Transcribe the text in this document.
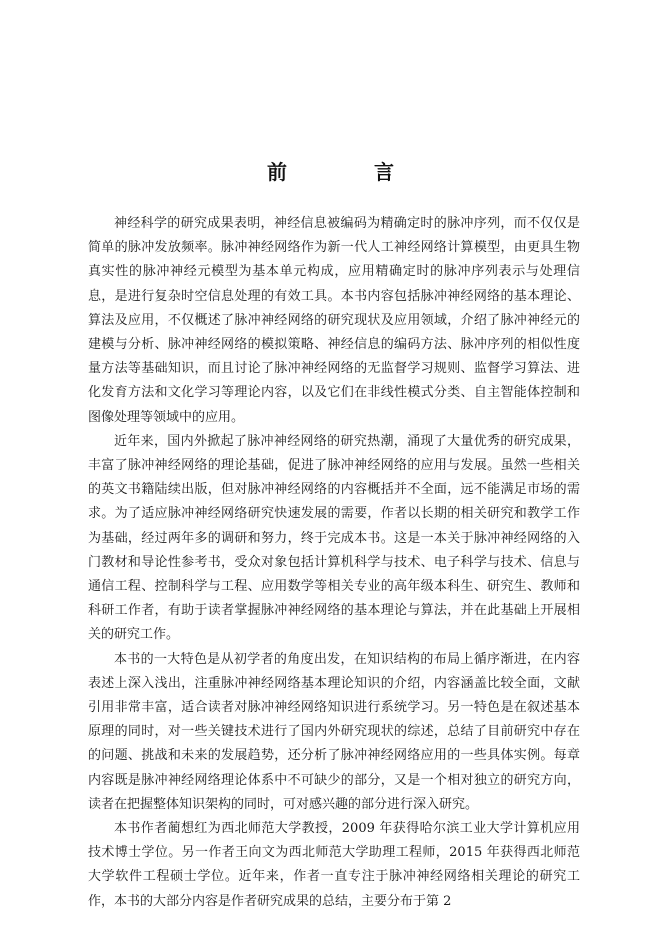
前 言

神经科学的研究成果表明，神经信息被编码为精确定时的脉冲序列，而不仅仅是简单的脉冲发放频率。脉冲神经网络作为新一代人工神经网络计算模型，由更具生物真实性的脉冲神经元模型为基本单元构成，应用精确定时的脉冲序列表示与处理信息，是进行复杂时空信息处理的有效工具。本书内容包括脉冲神经网络的基本理论、算法及应用，不仅概述了脉冲神经网络的研究现状及应用领域，介绍了脉冲神经元的建模与分析、脉冲神经网络的模拟策略、神经信息的编码方法、脉冲序列的相似性度量方法等基础知识，而且讨论了脉冲神经网络的无监督学习规则、监督学习算法、进化发育方法和文化学习等理论内容，以及它们在非线性模式分类、自主智能体控制和图像处理等领域中的应用。

近年来，国内外掀起了脉冲神经网络的研究热潮，涌现了大量优秀的研究成果，丰富了脉冲神经网络的理论基础，促进了脉冲神经网络的应用与发展。虽然一些相关的英文书籍陆续出版，但对脉冲神经网络的内容概括并不全面，远不能满足市场的需求。为了适应脉冲神经网络研究快速发展的需要，作者以长期的相关研究和教学工作为基础，经过两年多的调研和努力，终于完成本书。这是一本关于脉冲神经网络的入门教材和导论性参考书，受众对象包括计算机科学与技术、电子科学与技术、信息与通信工程、控制科学与工程、应用数学等相关专业的高年级本科生、研究生、教师和科研工作者，有助于读者掌握脉冲神经网络的基本理论与算法，并在此基础上开展相关的研究工作。

本书的一大特色是从初学者的角度出发，在知识结构的布局上循序渐进，在内容表述上深入浅出，注重脉冲神经网络基本理论知识的介绍，内容涵盖比较全面，文献引用非常丰富，适合读者对脉冲神经网络知识进行系统学习。另一特色是在叙述基本原理的同时，对一些关键技术进行了国内外研究现状的综述，总结了目前研究中存在的问题、挑战和未来的发展趋势，还分析了脉冲神经网络应用的一些具体实例。每章内容既是脉冲神经网络理论体系中不可缺少的部分，又是一个相对独立的研究方向，读者在把握整体知识架构的同时，可对感兴趣的部分进行深入研究。

本书作者蔺想红为西北师范大学教授，2009 年获得哈尔滨工业大学计算机应用技术博士学位。另一作者王向文为西北师范大学助理工程师，2015 年获得西北师范大学软件工程硕士学位。近年来，作者一直专注于脉冲神经网络相关理论的研究工作，本书的大部分内容是作者研究成果的总结，主要分布于第 2
